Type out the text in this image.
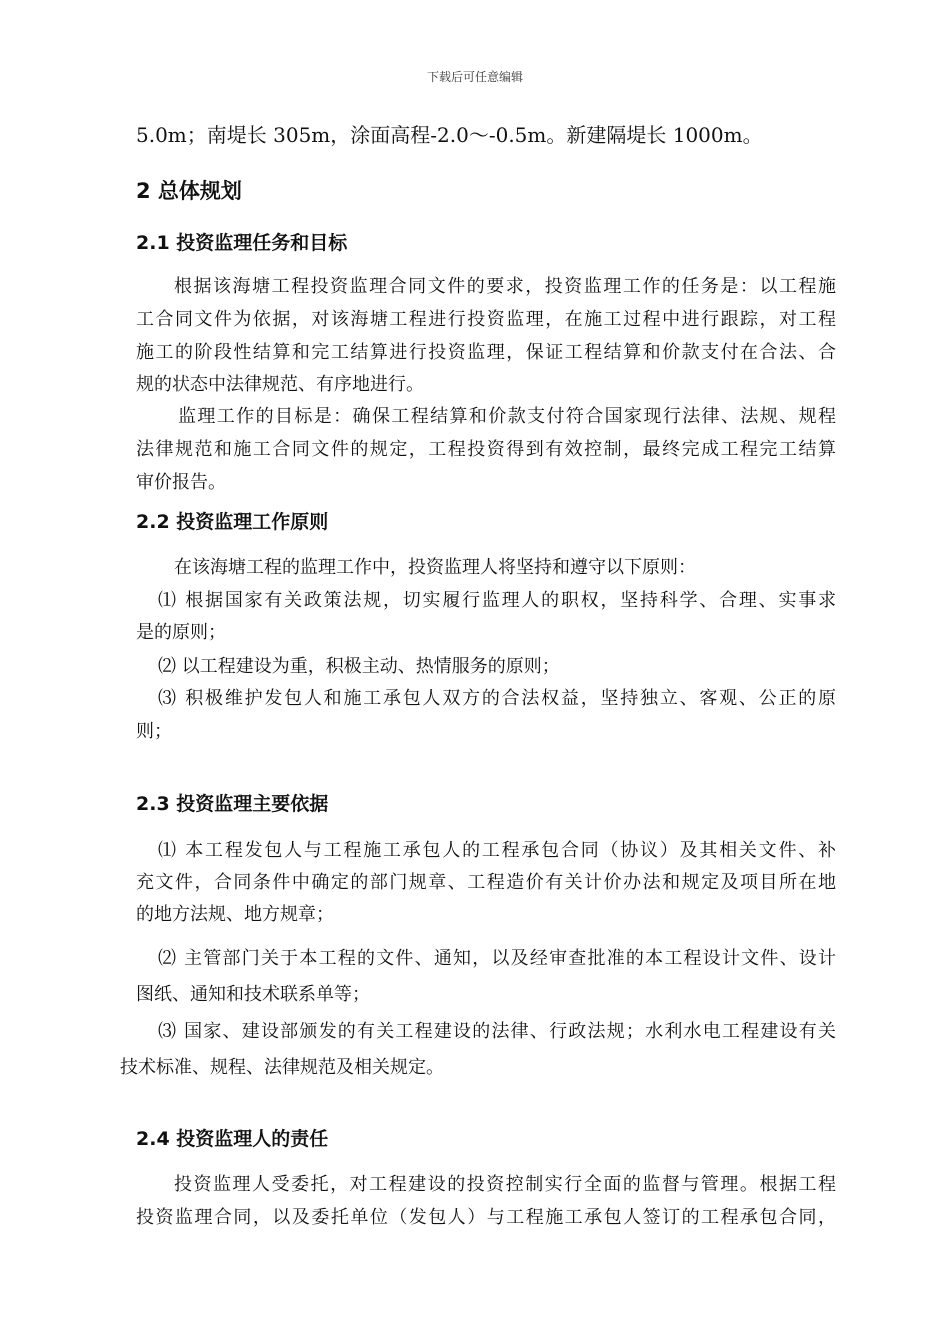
下载后可任意编辑
5.0m；南堤长 305m，涂面高程-2.0～-0.5m。新建隔堤长 1000m。
2 总体规划
2.1 投资监理任务和目标
根据该海塘工程投资监理合同文件的要求，投资监理工作的任务是：以工程施
工合同文件为依据，对该海塘工程进行投资监理，在施工过程中进行跟踪，对工程
施工的阶段性结算和完工结算进行投资监理，保证工程结算和价款支付在合法、合
规的状态中法律规范、有序地进行。
监理工作的目标是：确保工程结算和价款支付符合国家现行法律、法规、规程
法律规范和施工合同文件的规定，工程投资得到有效控制，最终完成工程完工结算
审价报告。
2.2 投资监理工作原则
在该海塘工程的监理工作中，投资监理人将坚持和遵守以下原则：
⑴ 根据国家有关政策法规，切实履行监理人的职权，坚持科学、合理、实事求
是的原则；
⑵ 以工程建设为重，积极主动、热情服务的原则；
⑶ 积极维护发包人和施工承包人双方的合法权益，坚持独立、客观、公正的原
则；
2.3 投资监理主要依据
⑴ 本工程发包人与工程施工承包人的工程承包合同（协议）及其相关文件、补
充文件，合同条件中确定的部门规章、工程造价有关计价办法和规定及项目所在地
的地方法规、地方规章；
⑵ 主管部门关于本工程的文件、通知，以及经审查批准的本工程设计文件、设计
图纸、通知和技术联系单等；
⑶ 国家、建设部颁发的有关工程建设的法律、行政法规；水利水电工程建设有关
技术标准、规程、法律规范及相关规定。
2.4 投资监理人的责任
投资监理人受委托，对工程建设的投资控制实行全面的监督与管理。根据工程
投资监理合同，以及委托单位（发包人）与工程施工承包人签订的工程承包合同，
